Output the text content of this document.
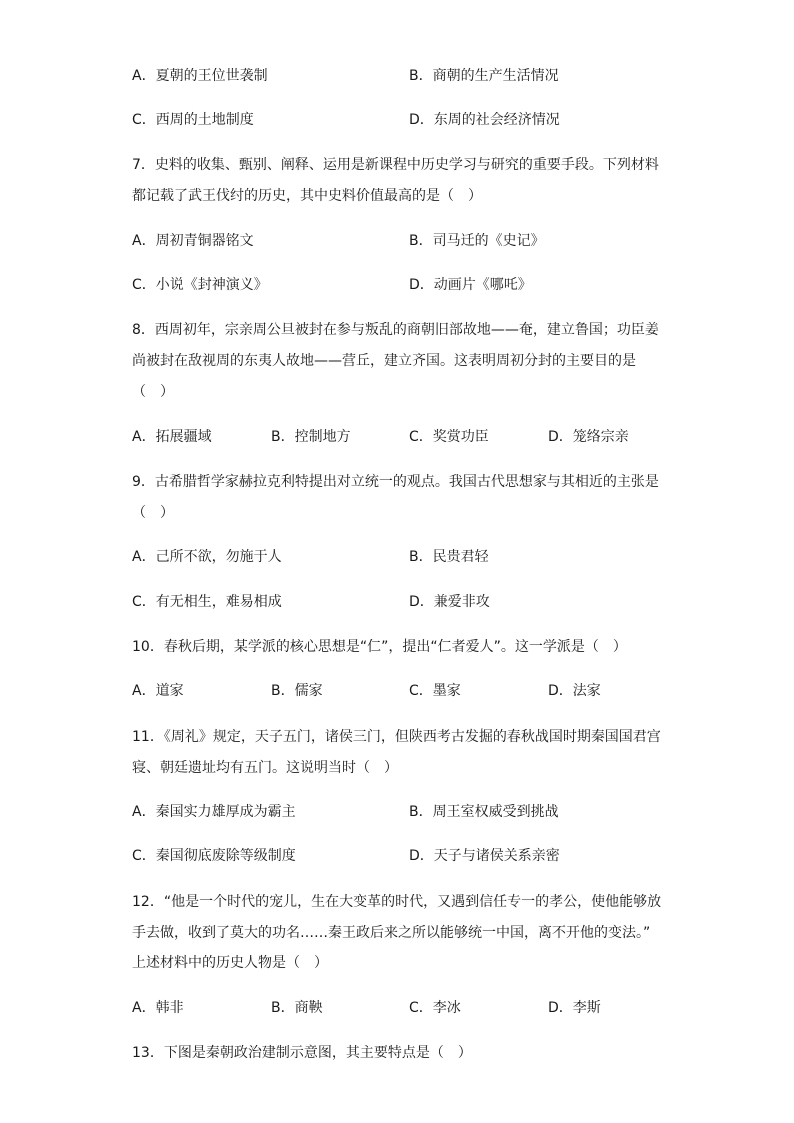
A．夏朝的王位世袭制	B．商朝的生产生活情况
C．西周的土地制度	D．东周的社会经济情况
7．史料的收集、甄别、阐释、运用是新课程中历史学习与研究的重要手段。下列材料
都记载了武王伐纣的历史，其中史料价值最高的是（　）
A．周初青铜器铭文	B．司马迁的《史记》
C．小说《封神演义》	D．动画片《哪吒》
8．西周初年，宗亲周公旦被封在参与叛乱的商朝旧部故地——奄，建立鲁国；功臣姜
尚被封在敌视周的东夷人故地——营丘，建立齐国。这表明周初分封的主要目的是
（　）
A．拓展疆域	B．控制地方	C．奖赏功臣	D．笼络宗亲
9．古希腊哲学家赫拉克利特提出对立统一的观点。我国古代思想家与其相近的主张是
（　）
A．己所不欲，勿施于人	B．民贵君轻
C．有无相生，难易相成	D．兼爱非攻
10．春秋后期，某学派的核心思想是“仁”，提出“仁者爱人”。这一学派是（　）
A．道家	B．儒家	C．墨家	D．法家
11．《周礼》规定，天子五门，诸侯三门，但陕西考古发掘的春秋战国时期秦国国君宫
寝、朝廷遗址均有五门。这说明当时（　）
A．秦国实力雄厚成为霸主	B．周王室权威受到挑战
C．秦国彻底废除等级制度	D．天子与诸侯关系亲密
12．“他是一个时代的宠儿，生在大变革的时代，又遇到信任专一的孝公，使他能够放
手去做，收到了莫大的功名……秦王政后来之所以能够统一中国，离不开他的变法。”
上述材料中的历史人物是（　）
A．韩非	B．商鞅	C．李冰	D．李斯
13．下图是秦朝政治建制示意图，其主要特点是（　）
